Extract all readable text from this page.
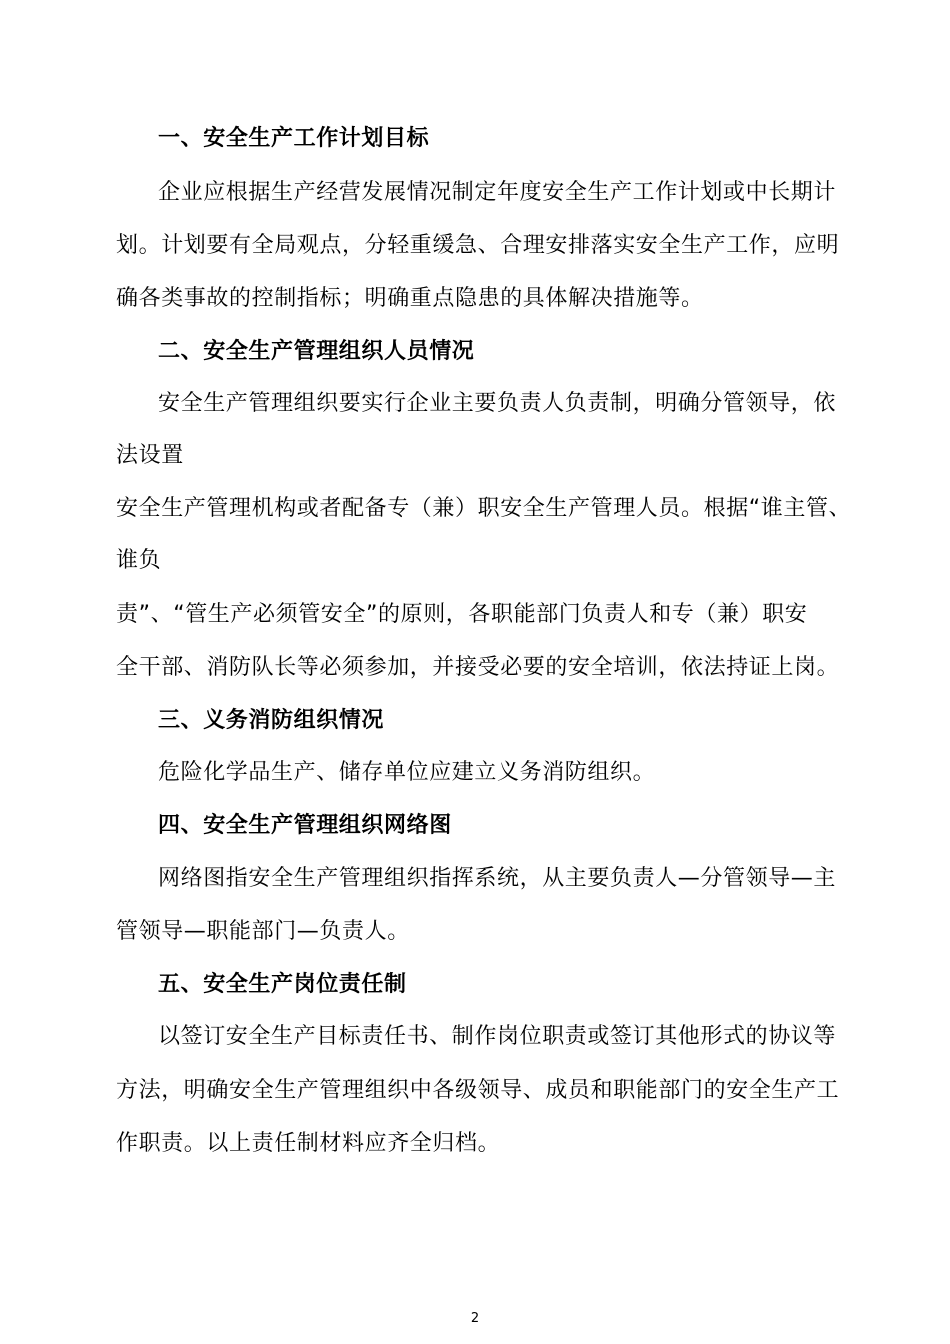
一、安全生产工作计划目标
企业应根据生产经营发展情况制定年度安全生产工作计划或中长期计
划。计划要有全局观点，分轻重缓急、合理安排落实安全生产工作，应明
确各类事故的控制指标；明确重点隐患的具体解决措施等。
二、安全生产管理组织人员情况
安全生产管理组织要实行企业主要负责人负责制，明确分管领导，依
法设置
安全生产管理机构或者配备专（兼）职安全生产管理人员。根据“谁主管、
谁负
责”、“管生产必须管安全”的原则，各职能部门负责人和专（兼）职安
全干部、消防队长等必须参加，并接受必要的安全培训，依法持证上岗。
三、义务消防组织情况
危险化学品生产、储存单位应建立义务消防组织。
四、安全生产管理组织网络图
网络图指安全生产管理组织指挥系统，从主要负责人—分管领导—主
管领导—职能部门—负责人。
五、安全生产岗位责任制
以签订安全生产目标责任书、制作岗位职责或签订其他形式的协议等
方法，明确安全生产管理组织中各级领导、成员和职能部门的安全生产工
作职责。以上责任制材料应齐全归档。
2
